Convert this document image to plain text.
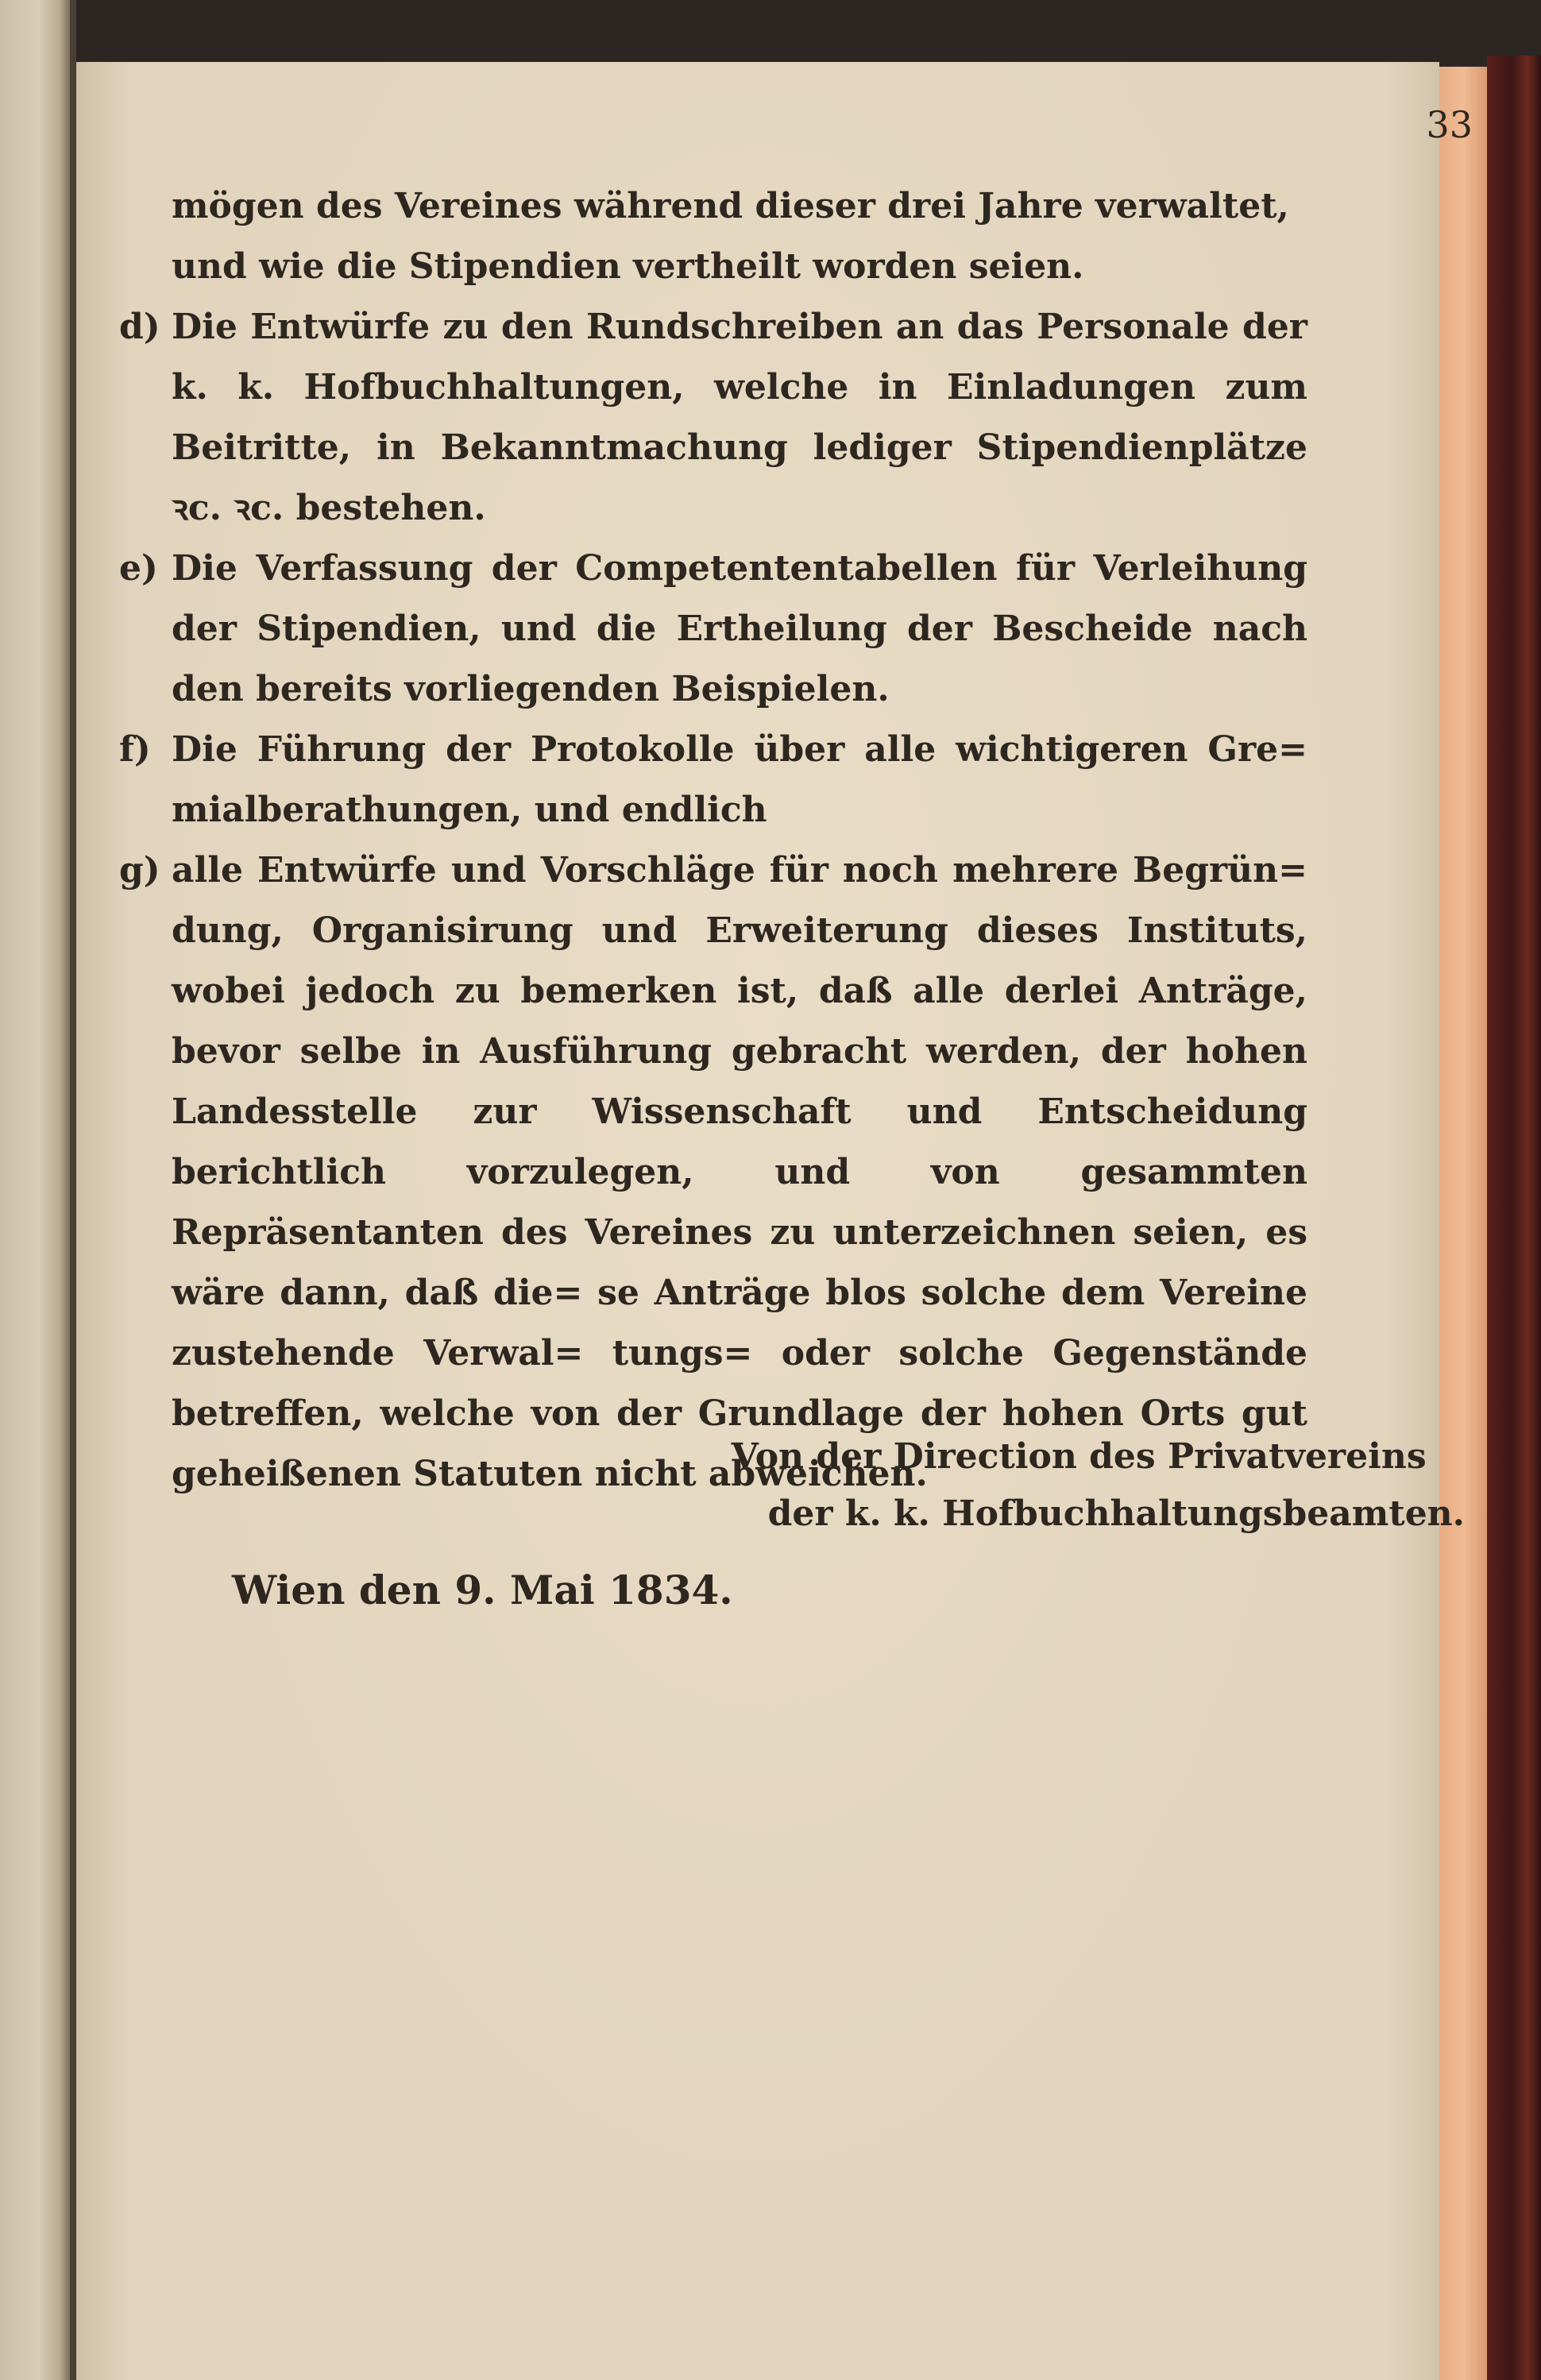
33

mögen des Vereines während dieser drei Jahre verwaltet,

und wie die Stipendien vertheilt worden seien.

d) Die Entwürfe zu den Rundschreiben an das Personale der k. k. Hofbuchhaltungen, welche in Einladungen zum Beitritte, in Bekanntmachung lediger Stipendienplätze ꝛc. ꝛc. bestehen.

e) Die Verfassung der Competententabellen für Verleihung der Stipendien, und die Ertheilung der Bescheide nach den bereits vorliegenden Beispielen.

f) Die Führung der Protokolle über alle wichtigeren Gre= mialberathungen, und endlich

g) alle Entwürfe und Vorschläge für noch mehrere Begrün= dung, Organisirung und Erweiterung dieses Instituts, wobei jedoch zu bemerken ist, daß alle derlei Anträge, bevor selbe in Ausführung gebracht werden, der hohen Landesstelle zur Wissenschaft und Entscheidung berichtlich vorzulegen, und von gesammten Repräsentanten des Vereines zu unterzeichnen seien, es wäre dann, daß die= se Anträge blos solche dem Vereine zustehende Verwal= tungs= oder solche Gegenstände betreffen, welche von der Grundlage der hohen Orts gut geheißenen Statuten nicht abweichen.

Von der Direction des Privatvereins

der k. k. Hofbuchhaltungsbeamten.

Wien den 9. Mai 1834.
